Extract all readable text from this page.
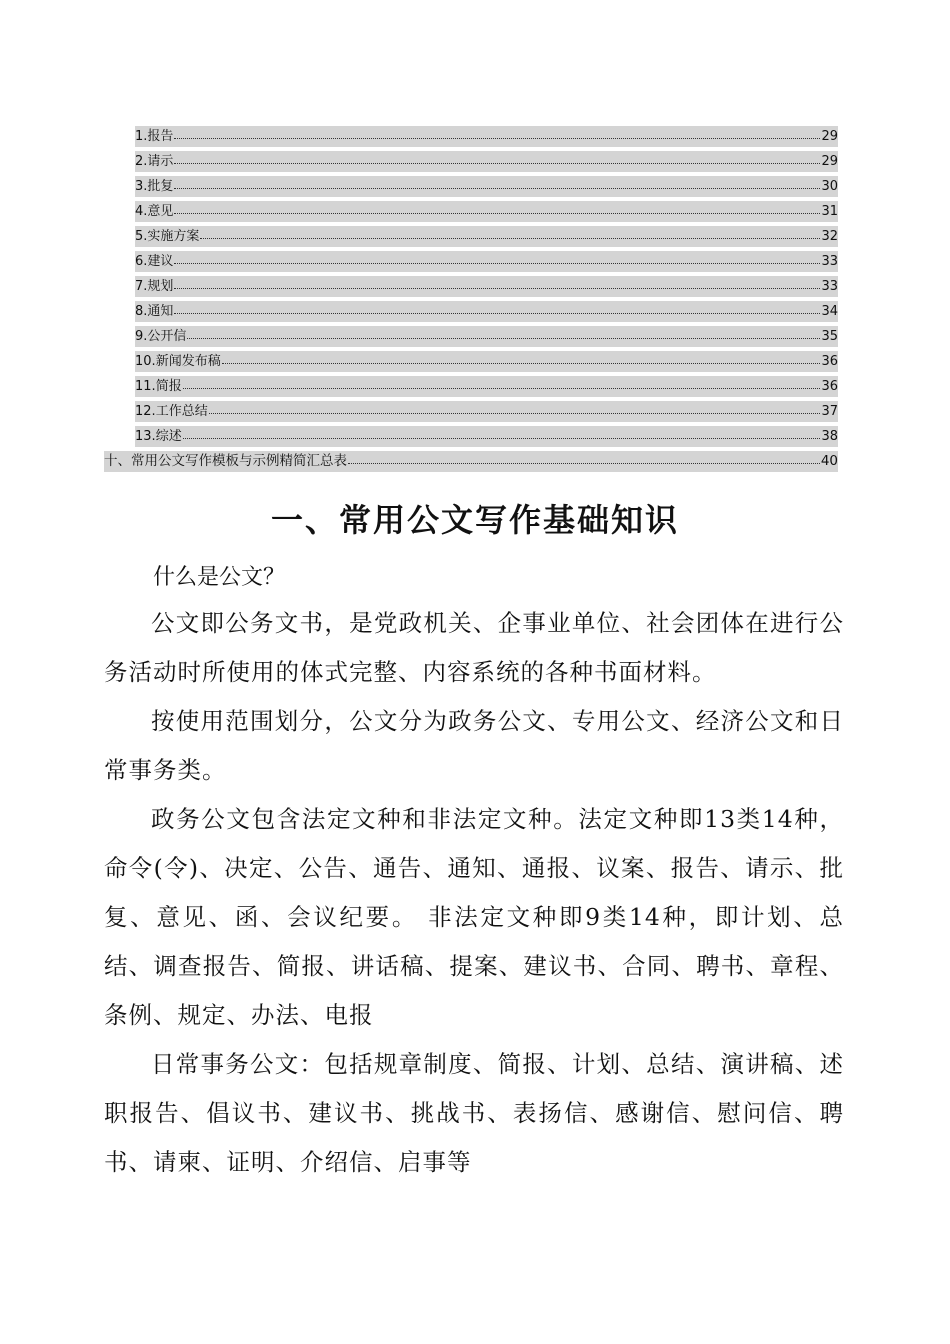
1. 报告	29
2. 请示	29
3. 批复	30
4. 意见	31
5. 实施方案	32
6. 建议	33
7. 规划	33
8. 通知	34
9. 公开信	35
10. 新闻发布稿	36
11. 简报	36
12. 工作总结	37
13. 综述	38
十、 常用公文写作模板与示例精简汇总表	40
一、常用公文写作基础知识
什么是公文？

公文即公务文书，是党政机关、企事业单位、社会团体在进行公务活动时所使用的体式完整、内容系统的各种书面材料。

按使用范围划分，公文分为政务公文、专用公文、经济公文和日常事务类。

政务公文包含法定文种和非法定文种。法定文种即13类14种，命令(令)、决定、公告、通告、通知、通报、议案、报告、请示、批复、意见、函、会议纪要。 非法定文种即9类14种，即计划、总结、调查报告、简报、讲话稿、提案、建议书、合同、聘书、章程、条例、规定、办法、电报

日常事务公文：包括规章制度、简报、计划、总结、演讲稿、述职报告、倡议书、建议书、挑战书、表扬信、感谢信、慰问信、聘书、请柬、证明、介绍信、启事等
